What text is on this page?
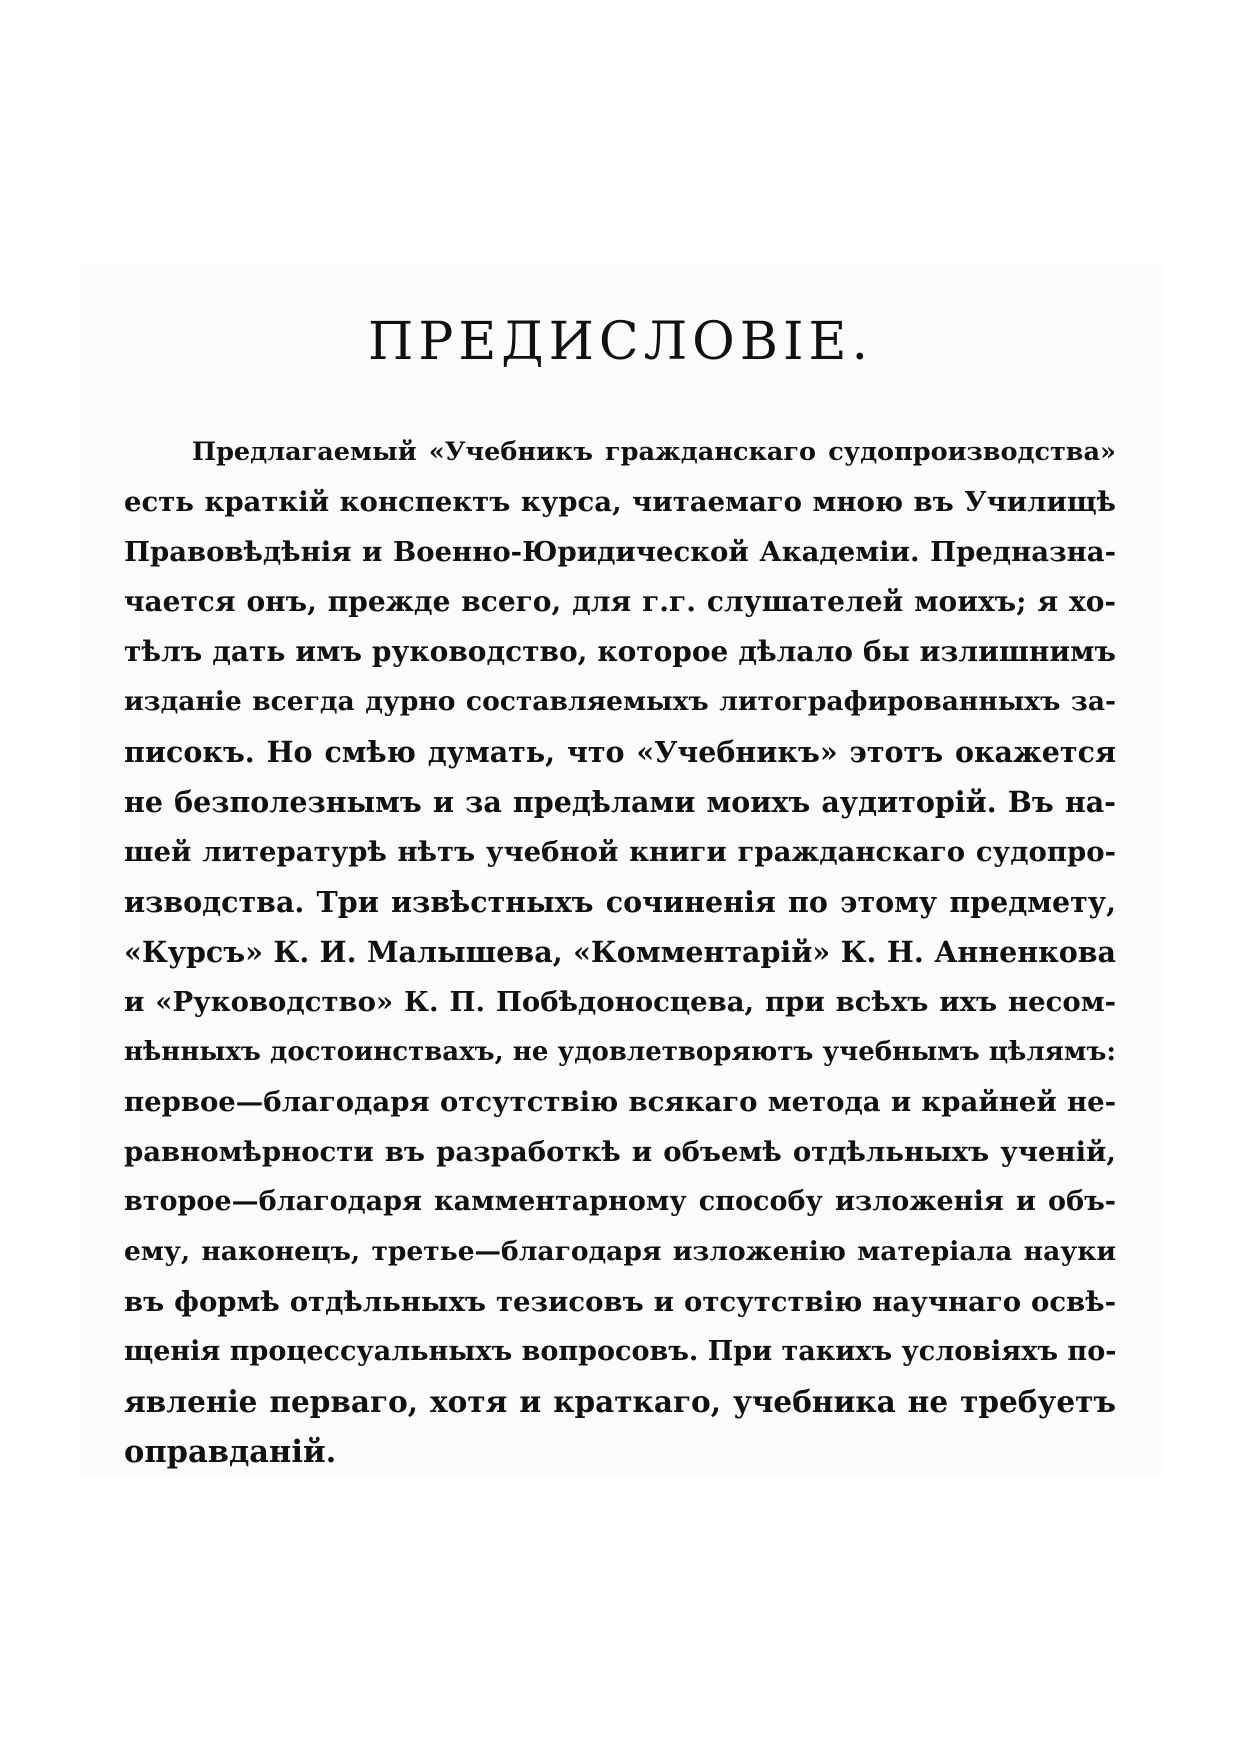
ПРЕДИСЛОВІЕ.
Предлагаемый «Учебникъ гражданскаго судопроизводства»
есть краткій конспектъ курса, читаемаго мною въ Училищѣ
Правовѣдѣнія и Военно-Юридической Академіи. Предназна-
чается онъ, прежде всего, для г.г. слушателей моихъ; я хо-
тѣлъ дать имъ руководство, которое дѣлало бы излишнимъ
изданіе всегда дурно составляемыхъ литографированныхъ за-
писокъ. Но смѣю думать, что «Учебникъ» этотъ окажется
не безполезнымъ и за предѣлами моихъ аудиторій. Въ на-
шей литературѣ нѣтъ учебной книги гражданскаго судопро-
изводства. Три извѣстныхъ сочиненія по этому предмету,
«Курсъ» К. И. Малышева, «Комментарій» К. Н. Анненкова
и «Руководство» К. П. Побѣдоносцева, при всѣхъ ихъ несом-
нѣнныхъ достоинствахъ, не удовлетворяютъ учебнымъ цѣлямъ:
первое—благодаря отсутствію всякаго метода и крайней не-
равномѣрности въ разработкѣ и объемѣ отдѣльныхъ ученій,
второе—благодаря камментарному способу изложенія и объ-
ему, наконецъ, третье—благодаря изложенію матеріала науки
въ формѣ отдѣльныхъ тезисовъ и отсутствію научнаго освѣ-
щенія процессуальныхъ вопросовъ. При такихъ условіяхъ по-
явленіе перваго, хотя и краткаго, учебника не требуетъ
оправданій.
